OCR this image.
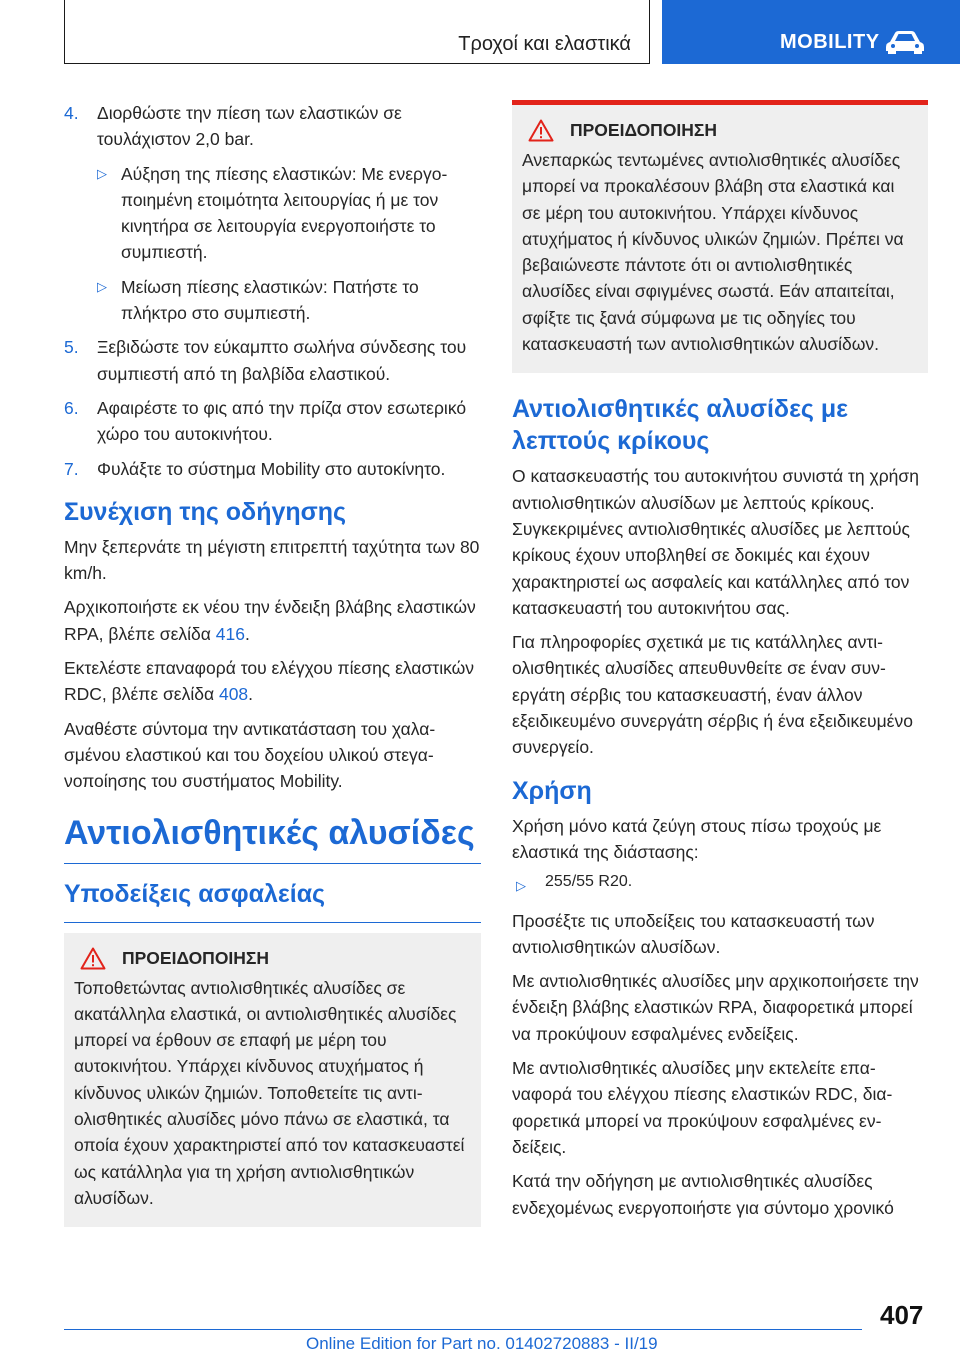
Τροχοί και ελαστικά	MOBILITY
4.	Διορθώστε την πίεση των ελαστικών σε τουλάχιστον 2,0 bar.
▷ Αύξηση της πίεσης ελαστικών: Με ενεργοποιημένη ετοιμότητα λειτουργίας ή με τον κινητήρα σε λειτουργία ενεργοποιήστε το συμπιεστή.
▷ Μείωση πίεσης ελαστικών: Πατήστε το πλήκτρο στο συμπιεστή.
5.	Ξεβιδώστε τον εύκαμπτο σωλήνα σύνδεσης του συμπιεστή από τη βαλβίδα ελαστικού.
6.	Αφαιρέστε το φις από την πρίζα στον εσωτερικό χώρο του αυτοκινήτου.
7.	Φυλάξτε το σύστημα Mobility στο αυτοκίνητο.
Συνέχιση της οδήγησης

Μην ξεπερνάτε τη μέγιστη επιτρεπτή ταχύτητα των 80 km/h.

Αρχικοποιήστε εκ νέου την ένδειξη βλάβης ελαστικών RPA, βλέπε σελίδα 416.

Εκτελέστε επαναφορά του ελέγχου πίεσης ελαστικών RDC, βλέπε σελίδα 408.

Αναθέστε σύντομα την αντικατάσταση του χαλασμένου ελαστικού και του δοχείου υλικού στεγανοποίησης του συστήματος Mobility.

Αντιολισθητικές αλυσίδες
Υποδείξεις ασφαλείας
ΠΡΟΕΙΔΟΠΟΙΗΣΗ

Τοποθετώντας αντιολισθητικές αλυσίδες σε ακατάλληλα ελαστικά, οι αντιολισθητικές αλυσίδες μπορεί να έρθουν σε επαφή με μέρη του αυτοκινήτου. Υπάρχει κίνδυνος ατυχήματος ή κίνδυνος υλικών ζημιών. Τοποθετείτε τις αντιολισθητικές αλυσίδες μόνο πάνω σε ελαστικά, τα οποία έχουν χαρακτηριστεί από τον κατασκευαστεί ως κατάλληλα για τη χρήση αντιολισθητικών αλυσίδων.

ΠΡΟΕΙΔΟΠΟΙΗΣΗ

Ανεπαρκώς τεντωμένες αντιολισθητικές αλυσίδες μπορεί να προκαλέσουν βλάβη στα ελαστικά και σε μέρη του αυτοκινήτου. Υπάρχει κίνδυνος ατυχήματος ή κίνδυνος υλικών ζημιών. Πρέπει να βεβαιώνεστε πάντοτε ότι οι αντιολισθητικές αλυσίδες είναι σφιγμένες σωστά. Εάν απαιτείται, σφίξτε τις ξανά σύμφωνα με τις οδηγίες του κατασκευαστή των αντιολισθητικών αλυσίδων.

Αντιολισθητικές αλυσίδες με λεπτούς κρίκους

Ο κατασκευαστής του αυτοκινήτου συνιστά τη χρήση αντιολισθητικών αλυσίδων με λεπτούς κρίκους. Συγκεκριμένες αντιολισθητικές αλυσίδες με λεπτούς κρίκους έχουν υποβληθεί σε δοκιμές και έχουν χαρακτηριστεί ως ασφαλείς και κατάλληλες από τον κατασκευαστή του αυτοκινήτου σας.

Για πληροφορίες σχετικά με τις κατάλληλες αντιολισθητικές αλυσίδες απευθυνθείτε σε έναν συνεργάτη σέρβις του κατασκευαστή, έναν άλλον εξειδικευμένο συνεργάτη σέρβις ή ένα εξειδικευμένο συνεργείο.

Χρήση

Χρήση μόνο κατά ζεύγη στους πίσω τροχούς με ελαστικά της διάστασης:

▷	255/55 R20.

Προσέξτε τις υποδείξεις του κατασκευαστή των αντιολισθητικών αλυσίδων.

Με αντιολισθητικές αλυσίδες μην αρχικοποιήσετε την ένδειξη βλάβης ελαστικών RPA, διαφορετικά μπορεί να προκύψουν εσφαλμένες ενδείξεις.

Με αντιολισθητικές αλυσίδες μην εκτελείτε επαναφορά του ελέγχου πίεσης ελαστικών RDC, διαφορετικά μπορεί να προκύψουν εσφαλμένες ενδείξεις.

Κατά την οδήγηση με αντιολισθητικές αλυσίδες ενδεχομένως ενεργοποιήστε για σύντομο χρονικό

407
Online Edition for Part no. 01402720883 - II/19
